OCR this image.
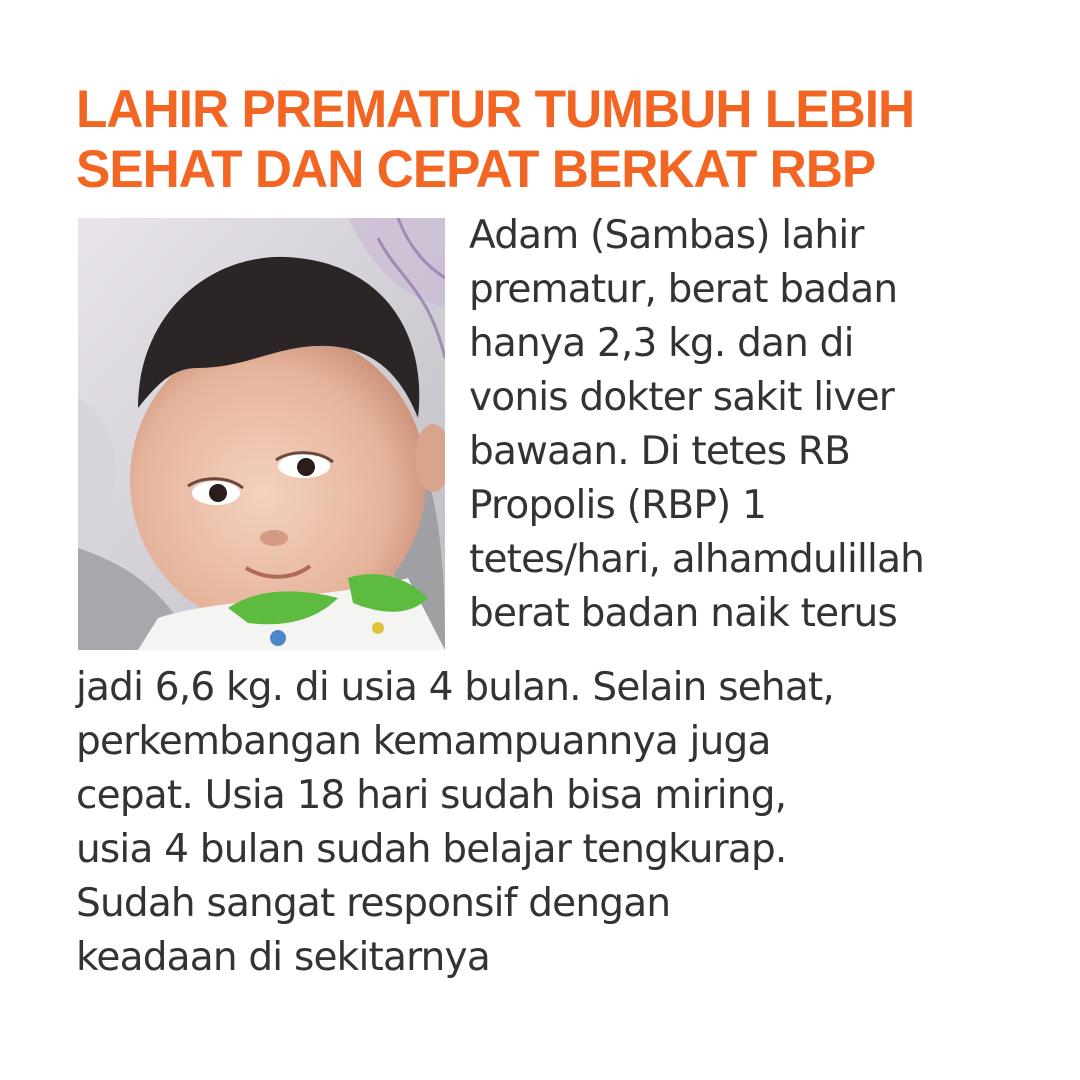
LAHIR PREMATUR TUMBUH LEBIH
SEHAT DAN CEPAT BERKAT RBP
Adam (Sambas) lahir
prematur, berat badan
hanya 2,3 kg. dan di
vonis dokter sakit liver
bawaan. Di tetes RB
Propolis (RBP) 1
tetes/hari, alhamdulillah
berat badan naik terus
jadi 6,6 kg. di usia 4 bulan. Selain sehat,
perkembangan kemampuannya juga
cepat. Usia 18 hari sudah bisa miring,
usia 4 bulan sudah belajar tengkurap.
Sudah sangat responsif dengan
keadaan di sekitarnya
